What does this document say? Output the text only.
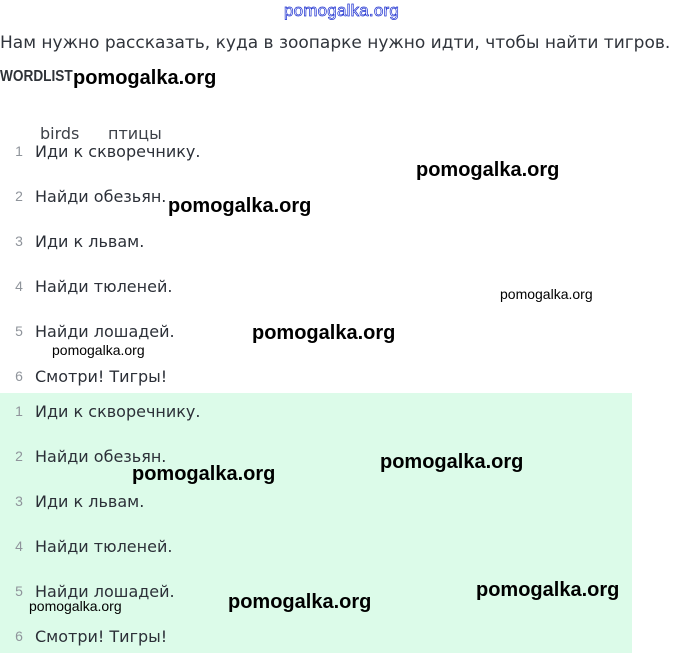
pomogalka.org
Нам нужно рассказать, куда в зоопарке нужно идти, чтобы найти тигров.
WORDLIST
birds птицы
1 Иди к скворечнику.
2 Найди обезьян.
3 Иди к львам.
4 Найди тюленей.
5 Найди лошадей.
6 Смотри! Тигры!
1 Иди к скворечнику.
2 Найди обезьян.
3 Иди к львам.
4 Найди тюленей.
5 Найди лошадей.
6 Смотри! Тигры!
pomogalka.org
pomogalka.org
pomogalka.org
pomogalka.org
pomogalka.org
pomogalka.org
pomogalka.org
pomogalka.org
pomogalka.org
pomogalka.org
pomogalka.org
